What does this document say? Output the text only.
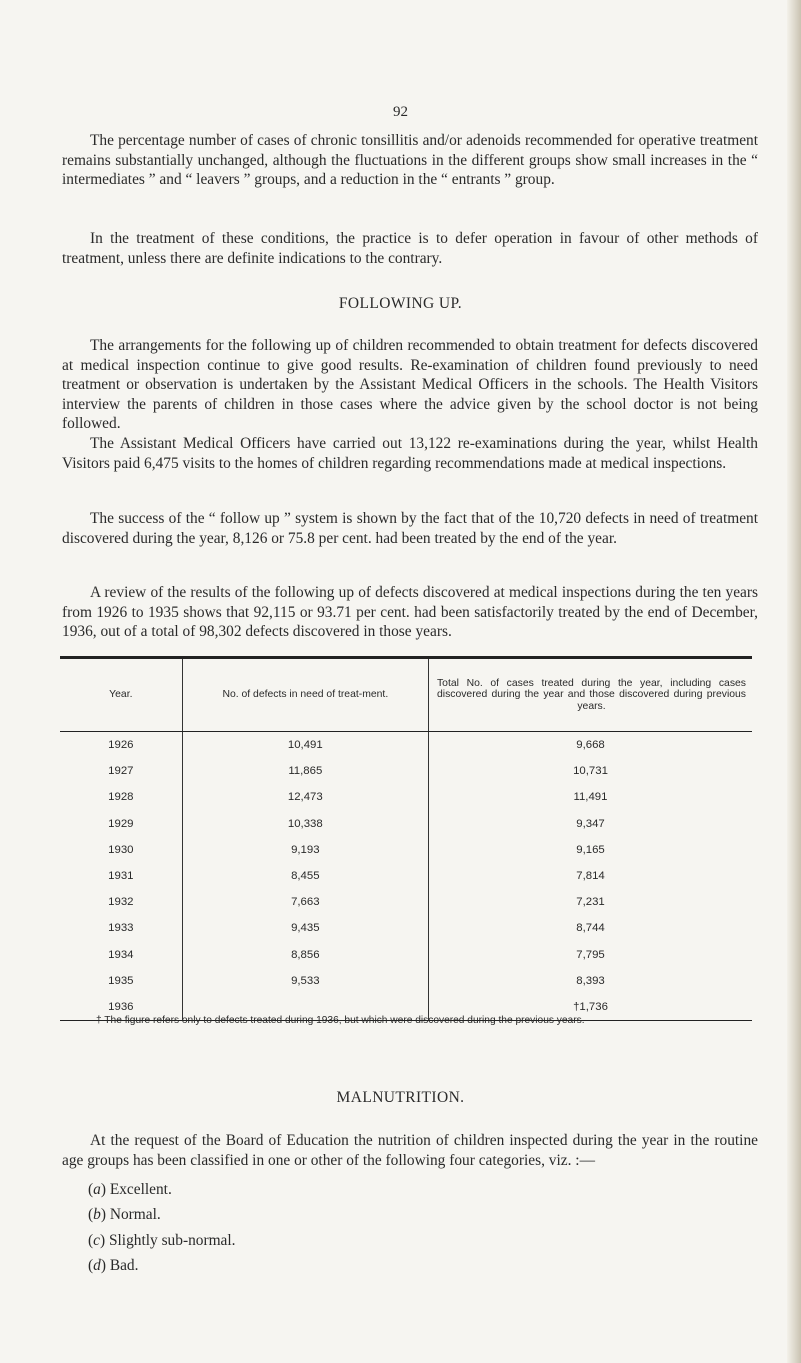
92

The percentage number of cases of chronic tonsillitis and/or adenoids recommended for operative treatment remains substantially unchanged, although the fluctuations in the different groups show small increases in the “ intermediates ” and “ leavers ” groups, and a reduction in the “ entrants ” group.

In the treatment of these conditions, the practice is to defer operation in favour of other methods of treatment, unless there are definite indications to the contrary.

FOLLOWING UP.

The arrangements for the following up of children recommended to obtain treatment for defects discovered at medical inspection continue to give good results. Re-examination of children found previously to need treatment or observation is undertaken by the Assistant Medical Officers in the schools. The Health Visitors interview the parents of children in those cases where the advice given by the school doctor is not being followed.

The Assistant Medical Officers have carried out 13,122 re-examinations during the year, whilst Health Visitors paid 6,475 visits to the homes of children regarding recommendations made at medical inspections.

The success of the “ follow up ” system is shown by the fact that of the 10,720 defects in need of treatment discovered during the year, 8,126 or 75.8 per cent. had been treated by the end of the year.

A review of the results of the following up of defects discovered at medical inspections during the ten years from 1926 to 1935 shows that 92,115 or 93.71 per cent. had been satisfactorily treated by the end of December, 1936, out of a total of 98,302 defects discovered in those years.

Year.	No. of defects in need of treat-ment.	Total No. of cases treated during the year, including cases discovered during the year and those discovered during previous years.
1926	10,491	9,668
1927	11,865	10,731
1928	12,473	11,491
1929	10,338	9,347
1930	9,193	9,165
1931	8,455	7,814
1932	7,663	7,231
1933	9,435	8,744
1934	8,856	7,795
1935	9,533	8,393
1936		†1,736

† The figure refers only to defects treated during 1936, but which were discovered during the previous years.

MALNUTRITION.

At the request of the Board of Education the nutrition of children inspected during the year in the routine age groups has been classified in one or other of the following four categories, viz. :—

(a) Excellent.
(b) Normal.
(c) Slightly sub-normal.
(d) Bad.
